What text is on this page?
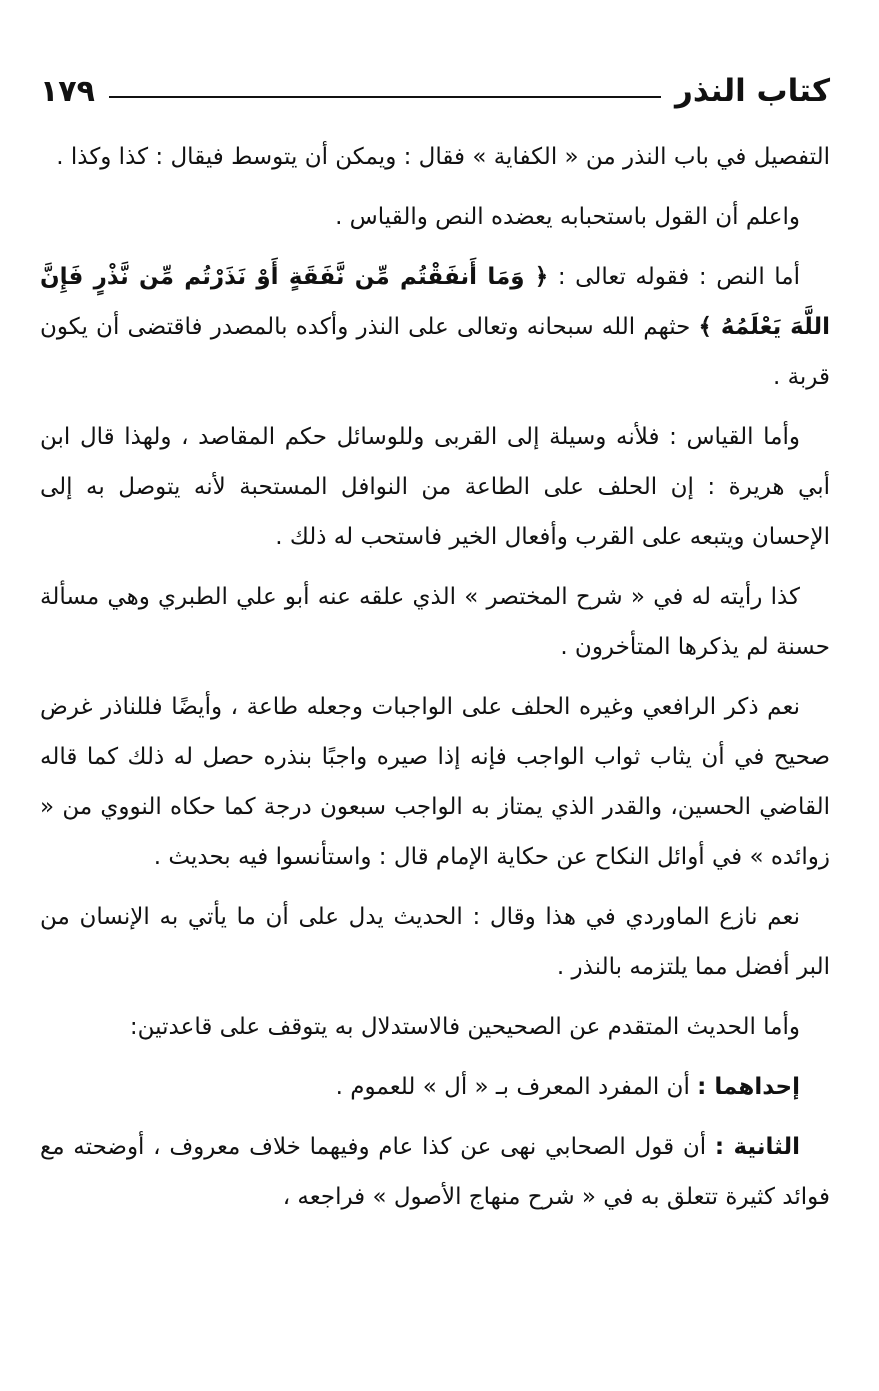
كتاب النذر
١٧٩

التفصيل في باب النذر من « الكفاية » فقال : ويمكن أن يتوسط فيقال : كذا وكذا .

واعلم أن القول باستحبابه يعضده النص والقياس .

أما النص : فقوله تعالى : ﴿ وَمَا أَنفَقْتُم مِّن نَّفَقَةٍ أَوْ نَذَرْتُم مِّن نَّذْرٍ فَإِنَّ اللَّهَ يَعْلَمُهُ ﴾ حثهم الله سبحانه وتعالى على النذر وأكده بالمصدر فاقتضى أن يكون قربة .

وأما القياس : فلأنه وسيلة إلى القربى وللوسائل حكم المقاصد ، ولهذا قال ابن أبي هريرة : إن الحلف على الطاعة من النوافل المستحبة لأنه يتوصل به إلى الإحسان ويتبعه على القرب وأفعال الخير فاستحب له ذلك .

كذا رأيته له في « شرح المختصر » الذي علقه عنه أبو علي الطبري وهي مسألة حسنة لم يذكرها المتأخرون .

نعم ذكر الرافعي وغيره الحلف على الواجبات وجعله طاعة ، وأيضًا فللناذر غرض صحيح في أن يثاب ثواب الواجب فإنه إذا صيره واجبًا بنذره حصل له ذلك كما قاله القاضي الحسين، والقدر الذي يمتاز به الواجب سبعون درجة كما حكاه النووي من « زوائده » في أوائل النكاح عن حكاية الإمام قال : واستأنسوا فيه بحديث .

نعم نازع الماوردي في هذا وقال : الحديث يدل على أن ما يأتي به الإنسان من البر أفضل مما يلتزمه بالنذر .

وأما الحديث المتقدم عن الصحيحين فالاستدلال به يتوقف على قاعدتين:

إحداهما : أن المفرد المعرف بـ « أل » للعموم .

الثانية : أن قول الصحابي نهى عن كذا عام وفيهما خلاف معروف ، أوضحته مع فوائد كثيرة تتعلق به في « شرح منهاج الأصول » فراجعه ،
